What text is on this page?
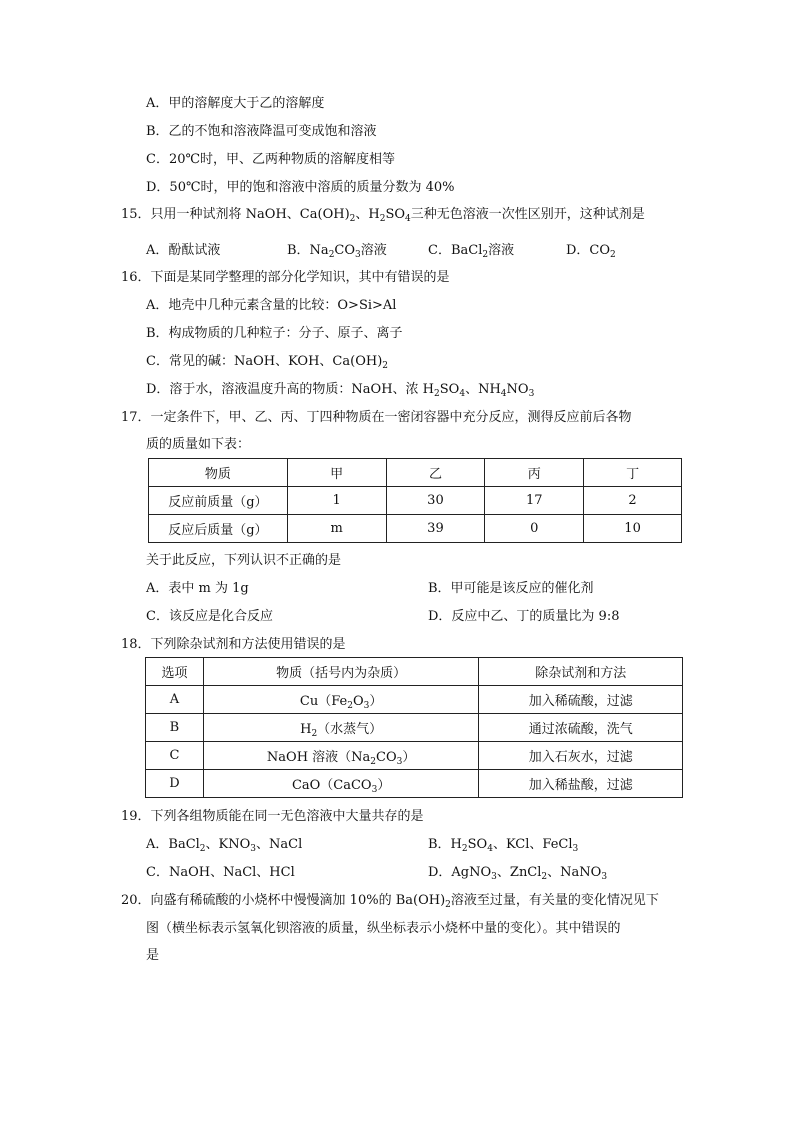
A．甲的溶解度大于乙的溶解度
B．乙的不饱和溶液降温可变成饱和溶液
C．20℃时，甲、乙两种物质的溶解度相等
D．50℃时，甲的饱和溶液中溶质的质量分数为 40%
15．只用一种试剂将 NaOH、$Ca(OH)_2$、$H_2SO_4$三种无色溶液一次性区别开，这种试剂是
A．酚酞试液	B．$Na_2CO_3$溶液	C．BaCl$_2$溶液	D．$CO_2$
16．下面是某同学整理的部分化学知识，其中有错误的是
A．地壳中几种元素含量的比较：O>Si>Al
B．构成物质的几种粒子：分子、原子、离子
C．常见的碱：NaOH、KOH、$Ca(OH)_2$
D．溶于水，溶液温度升高的物质：NaOH、浓 $H_2SO_4$、$NH_4NO_3$
17．一定条件下，甲、乙、丙、丁四种物质在一密闭容器中充分反应，测得反应前后各物
质的质量如下表：
物质	甲	乙	丙	丁
反应前质量（g）	1	30	17	2
反应后质量（g）	m	39	0	10
关于此反应，下列认识不正确的是
A．表中 m 为 1g	B．甲可能是该反应的催化剂
C．该反应是化合反应	D．反应中乙、丁的质量比为 9:8
18．下列除杂试剂和方法使用错误的是
选项	物质（括号内为杂质）	除杂试剂和方法
A	$Cu(Fe_2O_3)$	加入稀硫酸，过滤
B	$H_2$（水蒸气）	通过浓硫酸，洗气
C	NaOH 溶液$(Na_2CO_3)$	加入石灰水，过滤
D	CaO（CaCO$_3$）	加入稀盐酸，过滤
19．下列各组物质能在同一无色溶液中大量共存的是
A．BaCl$_2$、$KNO_3$、NaCl	B．$H_2SO_4$、KCl、FeCl$_3$
C．NaOH、NaCl、HCl	D．AgNO$_3$、ZnCl$_2$、NaNO$_3$
20．向盛有稀硫酸的小烧杯中慢慢滴加 10%的 $Ba(OH)_2$溶液至过量，有关量的变化情况见下
图（横坐标表示氢氧化钡溶液的质量，纵坐标表示小烧杯中量的变化）。其中错误的
是
